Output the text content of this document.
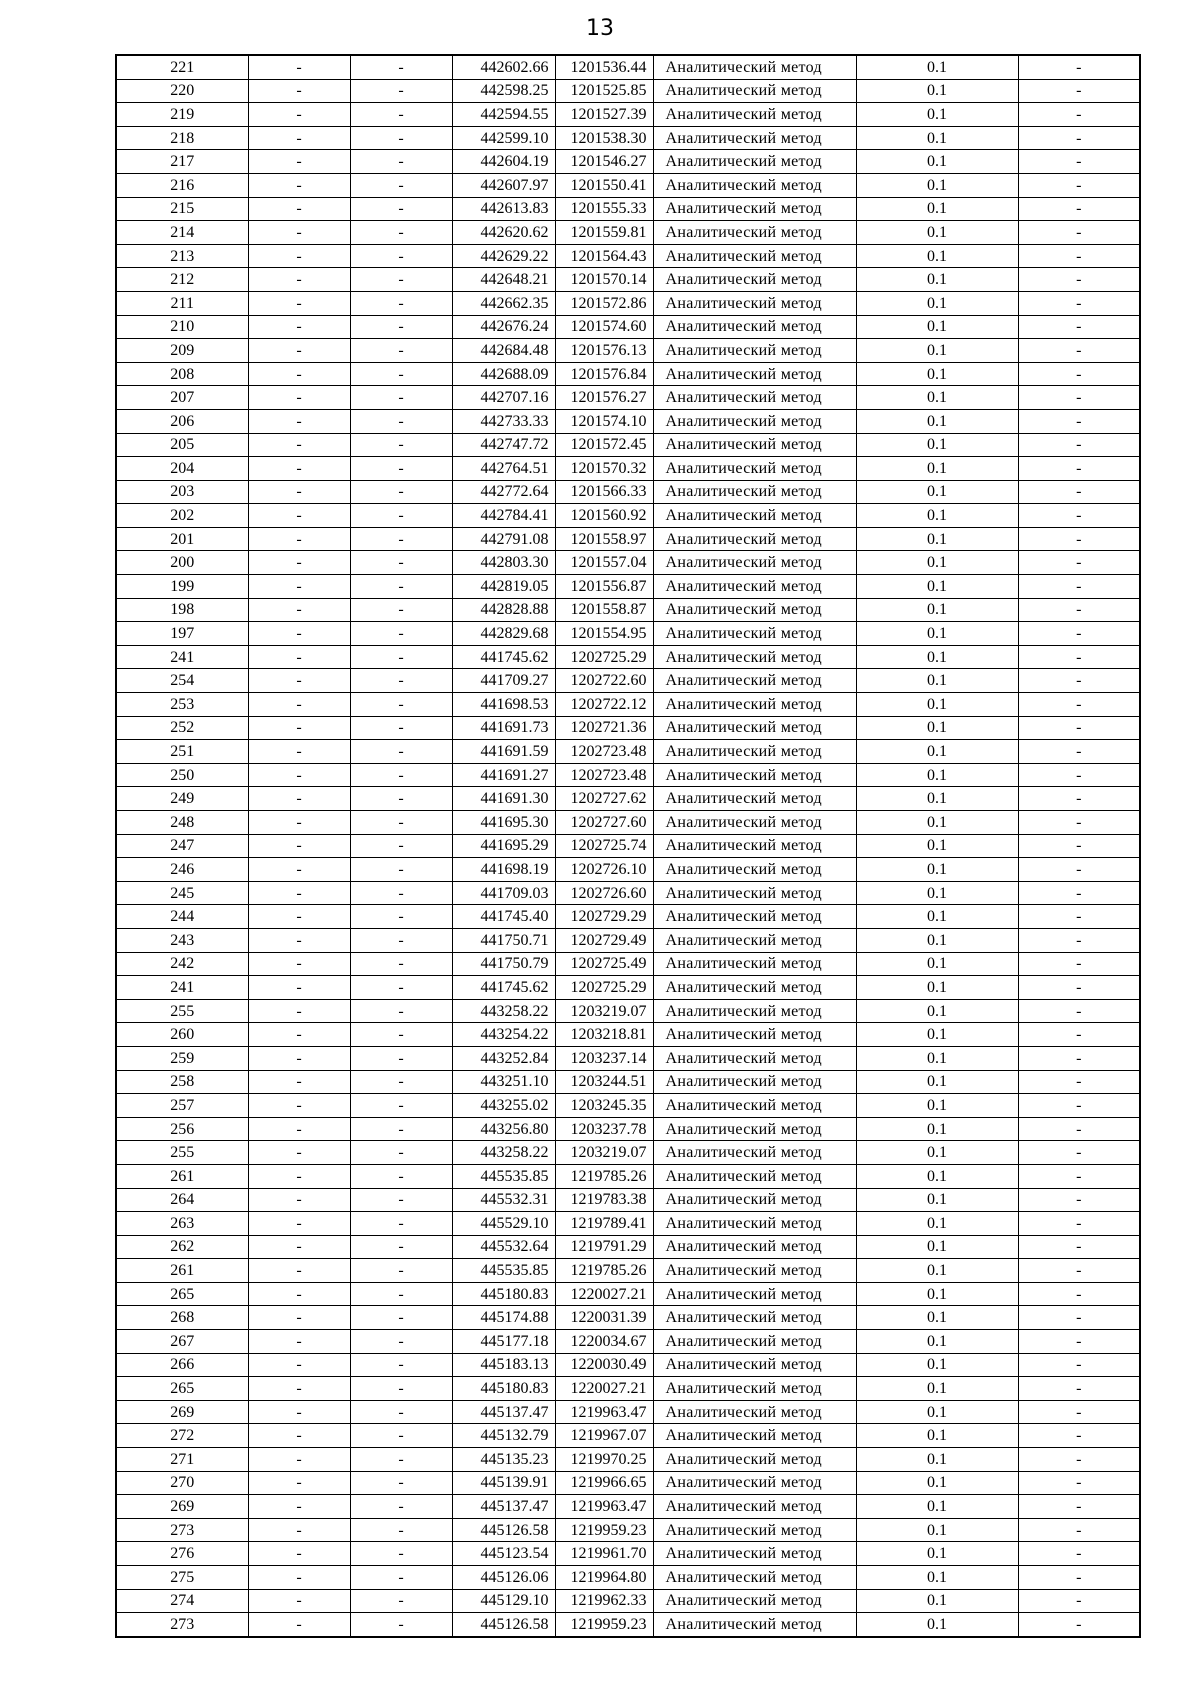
13
221	-	-	442602.66	1201536.44	Аналитический метод	0.1	-
220	-	-	442598.25	1201525.85	Аналитический метод	0.1	-
219	-	-	442594.55	1201527.39	Аналитический метод	0.1	-
218	-	-	442599.10	1201538.30	Аналитический метод	0.1	-
217	-	-	442604.19	1201546.27	Аналитический метод	0.1	-
216	-	-	442607.97	1201550.41	Аналитический метод	0.1	-
215	-	-	442613.83	1201555.33	Аналитический метод	0.1	-
214	-	-	442620.62	1201559.81	Аналитический метод	0.1	-
213	-	-	442629.22	1201564.43	Аналитический метод	0.1	-
212	-	-	442648.21	1201570.14	Аналитический метод	0.1	-
211	-	-	442662.35	1201572.86	Аналитический метод	0.1	-
210	-	-	442676.24	1201574.60	Аналитический метод	0.1	-
209	-	-	442684.48	1201576.13	Аналитический метод	0.1	-
208	-	-	442688.09	1201576.84	Аналитический метод	0.1	-
207	-	-	442707.16	1201576.27	Аналитический метод	0.1	-
206	-	-	442733.33	1201574.10	Аналитический метод	0.1	-
205	-	-	442747.72	1201572.45	Аналитический метод	0.1	-
204	-	-	442764.51	1201570.32	Аналитический метод	0.1	-
203	-	-	442772.64	1201566.33	Аналитический метод	0.1	-
202	-	-	442784.41	1201560.92	Аналитический метод	0.1	-
201	-	-	442791.08	1201558.97	Аналитический метод	0.1	-
200	-	-	442803.30	1201557.04	Аналитический метод	0.1	-
199	-	-	442819.05	1201556.87	Аналитический метод	0.1	-
198	-	-	442828.88	1201558.87	Аналитический метод	0.1	-
197	-	-	442829.68	1201554.95	Аналитический метод	0.1	-
241	-	-	441745.62	1202725.29	Аналитический метод	0.1	-
254	-	-	441709.27	1202722.60	Аналитический метод	0.1	-
253	-	-	441698.53	1202722.12	Аналитический метод	0.1	-
252	-	-	441691.73	1202721.36	Аналитический метод	0.1	-
251	-	-	441691.59	1202723.48	Аналитический метод	0.1	-
250	-	-	441691.27	1202723.48	Аналитический метод	0.1	-
249	-	-	441691.30	1202727.62	Аналитический метод	0.1	-
248	-	-	441695.30	1202727.60	Аналитический метод	0.1	-
247	-	-	441695.29	1202725.74	Аналитический метод	0.1	-
246	-	-	441698.19	1202726.10	Аналитический метод	0.1	-
245	-	-	441709.03	1202726.60	Аналитический метод	0.1	-
244	-	-	441745.40	1202729.29	Аналитический метод	0.1	-
243	-	-	441750.71	1202729.49	Аналитический метод	0.1	-
242	-	-	441750.79	1202725.49	Аналитический метод	0.1	-
241	-	-	441745.62	1202725.29	Аналитический метод	0.1	-
255	-	-	443258.22	1203219.07	Аналитический метод	0.1	-
260	-	-	443254.22	1203218.81	Аналитический метод	0.1	-
259	-	-	443252.84	1203237.14	Аналитический метод	0.1	-
258	-	-	443251.10	1203244.51	Аналитический метод	0.1	-
257	-	-	443255.02	1203245.35	Аналитический метод	0.1	-
256	-	-	443256.80	1203237.78	Аналитический метод	0.1	-
255	-	-	443258.22	1203219.07	Аналитический метод	0.1	-
261	-	-	445535.85	1219785.26	Аналитический метод	0.1	-
264	-	-	445532.31	1219783.38	Аналитический метод	0.1	-
263	-	-	445529.10	1219789.41	Аналитический метод	0.1	-
262	-	-	445532.64	1219791.29	Аналитический метод	0.1	-
261	-	-	445535.85	1219785.26	Аналитический метод	0.1	-
265	-	-	445180.83	1220027.21	Аналитический метод	0.1	-
268	-	-	445174.88	1220031.39	Аналитический метод	0.1	-
267	-	-	445177.18	1220034.67	Аналитический метод	0.1	-
266	-	-	445183.13	1220030.49	Аналитический метод	0.1	-
265	-	-	445180.83	1220027.21	Аналитический метод	0.1	-
269	-	-	445137.47	1219963.47	Аналитический метод	0.1	-
272	-	-	445132.79	1219967.07	Аналитический метод	0.1	-
271	-	-	445135.23	1219970.25	Аналитический метод	0.1	-
270	-	-	445139.91	1219966.65	Аналитический метод	0.1	-
269	-	-	445137.47	1219963.47	Аналитический метод	0.1	-
273	-	-	445126.58	1219959.23	Аналитический метод	0.1	-
276	-	-	445123.54	1219961.70	Аналитический метод	0.1	-
275	-	-	445126.06	1219964.80	Аналитический метод	0.1	-
274	-	-	445129.10	1219962.33	Аналитический метод	0.1	-
273	-	-	445126.58	1219959.23	Аналитический метод	0.1	-
